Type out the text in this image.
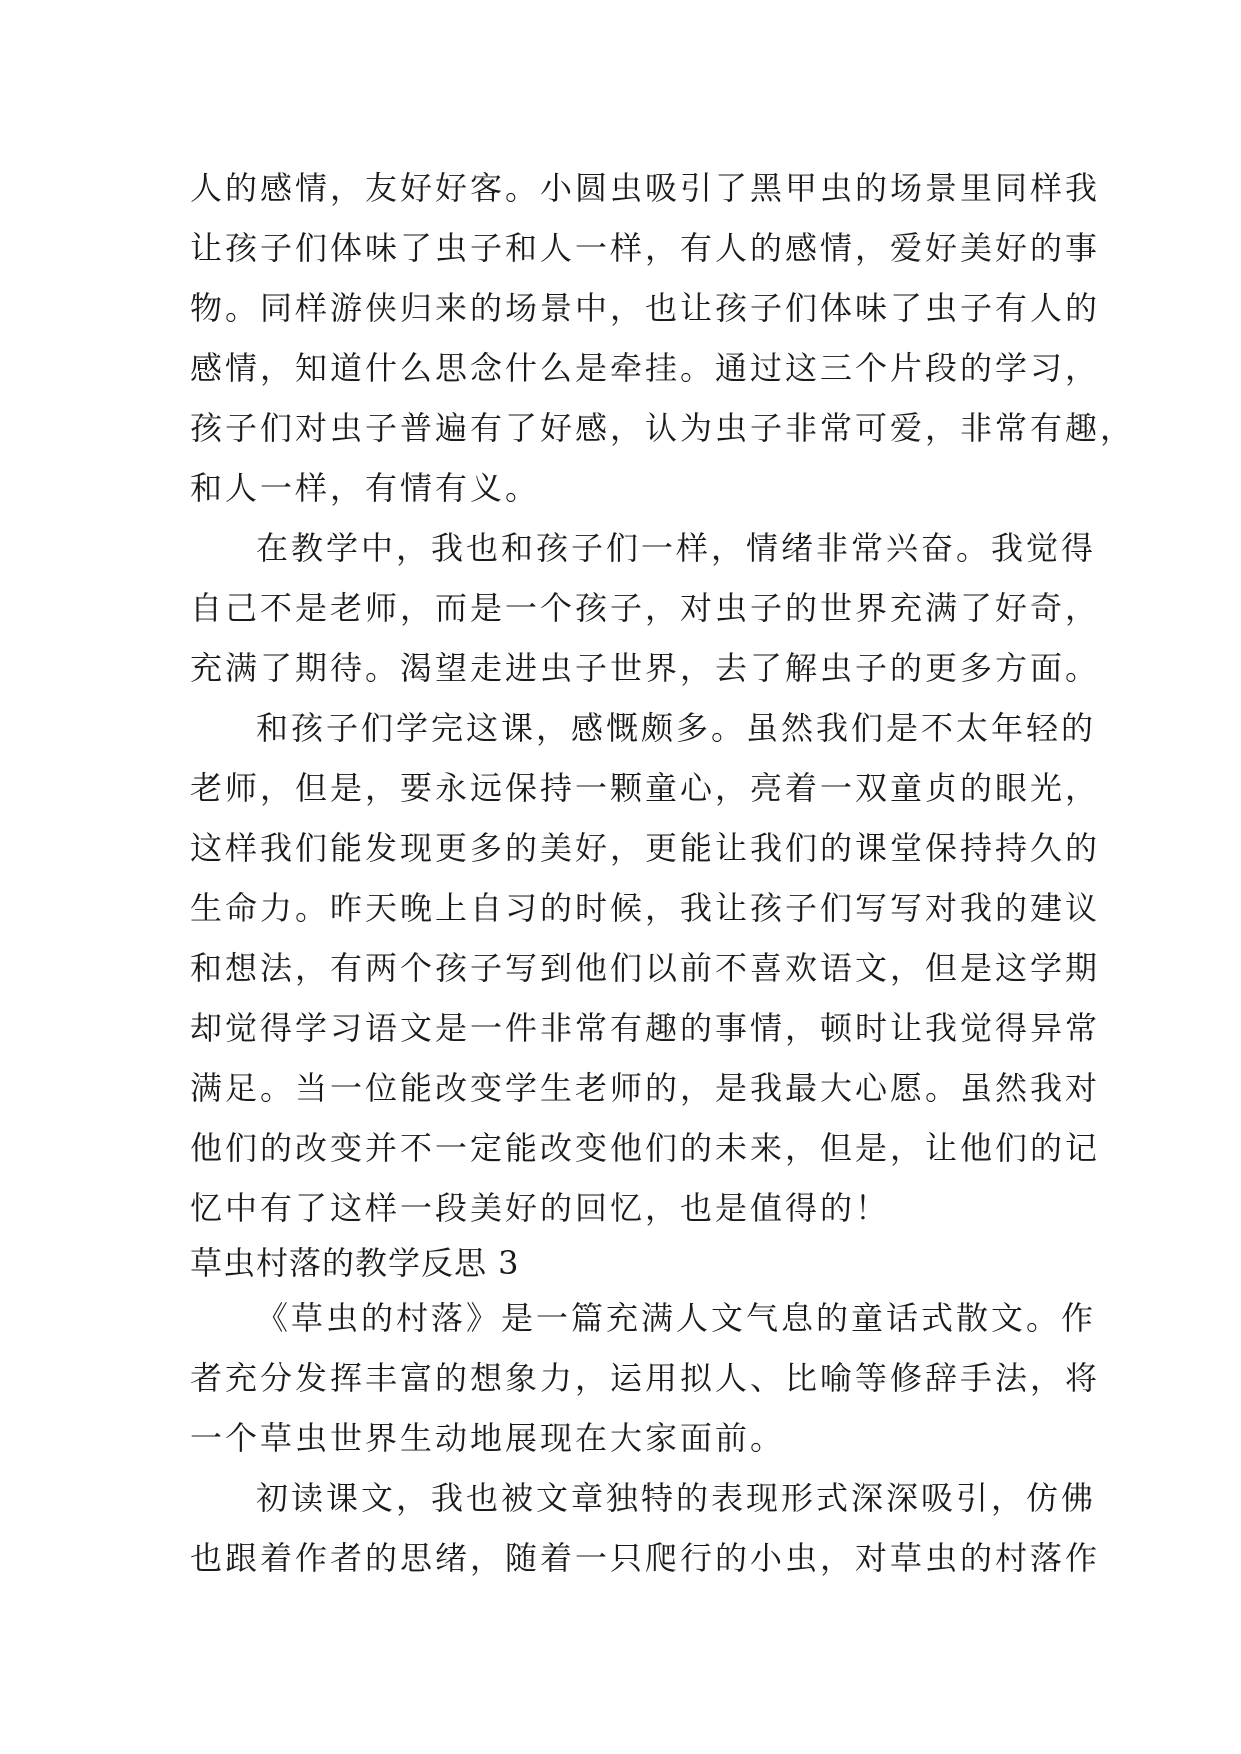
人的感情，友好好客。小圆虫吸引了黑甲虫的场景里同样我
让孩子们体味了虫子和人一样，有人的感情，爱好美好的事
物。同样游侠归来的场景中，也让孩子们体味了虫子有人的
感情，知道什么思念什么是牵挂。通过这三个片段的学习，
孩子们对虫子普遍有了好感，认为虫子非常可爱，非常有趣，
和人一样，有情有义。
在教学中，我也和孩子们一样，情绪非常兴奋。我觉得
自己不是老师，而是一个孩子，对虫子的世界充满了好奇，
充满了期待。渴望走进虫子世界，去了解虫子的更多方面。
和孩子们学完这课，感慨颇多。虽然我们是不太年轻的
老师，但是，要永远保持一颗童心，亮着一双童贞的眼光，
这样我们能发现更多的美好，更能让我们的课堂保持持久的
生命力。昨天晚上自习的时候，我让孩子们写写对我的建议
和想法，有两个孩子写到他们以前不喜欢语文，但是这学期
却觉得学习语文是一件非常有趣的事情，顿时让我觉得异常
满足。当一位能改变学生老师的，是我最大心愿。虽然我对
他们的改变并不一定能改变他们的未来，但是，让他们的记
忆中有了这样一段美好的回忆，也是值得的！
草虫村落的教学反思 3
《草虫的村落》是一篇充满人文气息的童话式散文。作
者充分发挥丰富的想象力，运用拟人、比喻等修辞手法，将
一个草虫世界生动地展现在大家面前。
初读课文，我也被文章独特的表现形式深深吸引，仿佛
也跟着作者的思绪，随着一只爬行的小虫，对草虫的村落作
